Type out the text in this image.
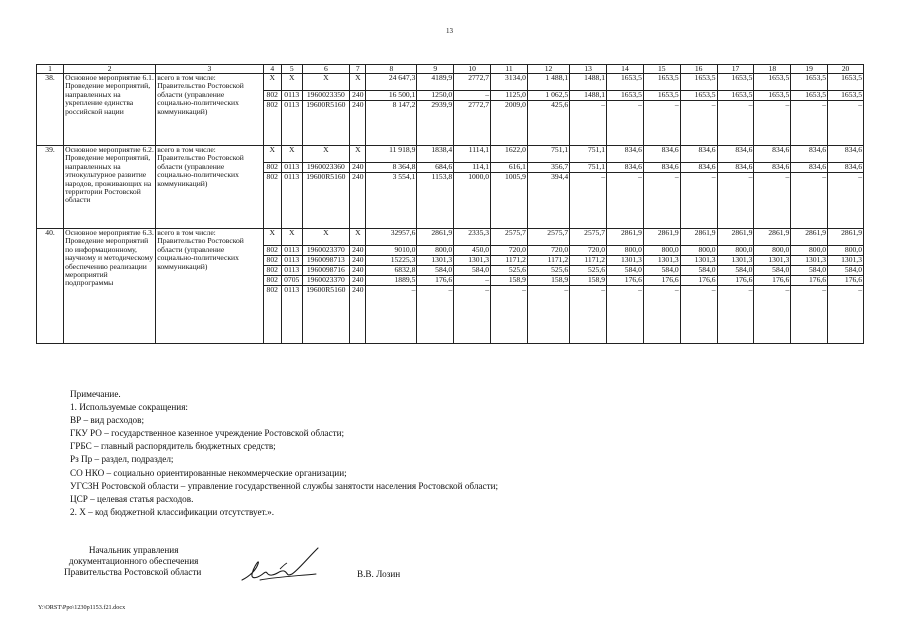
13
1	2	3	4	5	6	7	8	9	10	11	12	13	14	15	16	17	18	19	20
38.	Основное мероприятие 6.1. Проведение мероприятий, направленных на укрепление единства российской нации	всего в том числе: Правительство Ростовской области (управление социально-политических коммуникаций)	X	X	X	X	24 647,3	4189,9	2772,7	3134,0	1 488,1	1488,1	1653,5	1653,5	1653,5	1653,5	1653,5	1653,5	1653,5
			802	0113	1960023350	240	16 500,1	1250,0	–	1125,0	1 062,5	1488,1	1653,5	1653,5	1653,5	1653,5	1653,5	1653,5	1653,5
			802	0113	19600R5160	240	8 147,2	2939,9	2772,7	2009,0	425,6	–	–	–	–	–	–	–	–
39.	Основное мероприятие 6.2. Проведение мероприятий, направленных на этнокультурное развитие народов, проживающих на территории Ростовской области	всего в том числе: Правительство Ростовской области (управление социально-политических коммуникаций)	X	X	X	X	11 918,9	1838,4	1114,1	1622,0	751,1	751,1	834,6	834,6	834,6	834,6	834,6	834,6	834,6
			802	0113	1960023360	240	8 364,8	684,6	114,1	616,1	356,7	751,1	834,6	834,6	834,6	834,6	834,6	834,6	834,6
			802	0113	19600R5160	240	3 554,1	1153,8	1000,0	1005,9	394,4	–	–	–	–	–	–	–	–
40.	Основное мероприятие 6.3. Проведение мероприятий по информационному, научному и методическому обеспечению реализации мероприятий подпрограммы	всего в том числе: Правительство Ростовской области (управление социально-политических коммуникаций)	X	X	X	X	32957,6	2861,9	2335,3	2575,7	2575,7	2575,7	2861,9	2861,9	2861,9	2861,9	2861,9	2861,9	2861,9
			802	0113	1960023370	240	9010,0	800,0	450,0	720,0	720,0	720,0	800,0	800,0	800,0	800,0	800,0	800,0	800,0
			802	0113	1960098713	240	15225,3	1301,3	1301,3	1171,2	1171,2	1171,2	1301,3	1301,3	1301,3	1301,3	1301,3	1301,3	1301,3
			802	0113	1960098716	240	6832,8	584,0	584,0	525,6	525,6	525,6	584,0	584,0	584,0	584,0	584,0	584,0	584,0
			802	0705	1960023370	240	1889,5	176,6	–	158,9	158,9	158,9	176,6	176,6	176,6	176,6	176,6	176,6	176,6
			802	0113	19600R5160	240	–	–	–	–	–	–	–	–	–	–	–	–	–
Примечание.
1. Используемые сокращения:
ВР – вид расходов;
ГКУ РО – государственное казенное учреждение Ростовской области;
ГРБС – главный распорядитель бюджетных средств;
Рз Пр – раздел, подраздел;
СО НКО – социально ориентированные некоммерческие организации;
УГСЗН Ростовской области – управление государственной службы занятости населения Ростовской области;
ЦСР – целевая статья расходов.
2. Х – код бюджетной классификации отсутствует.».
Начальник управления
документационного обеспечения
Правительства Ростовской области	В.В. Лозин
Y:\ORST\Ppo\1230p1153.f21.docx
